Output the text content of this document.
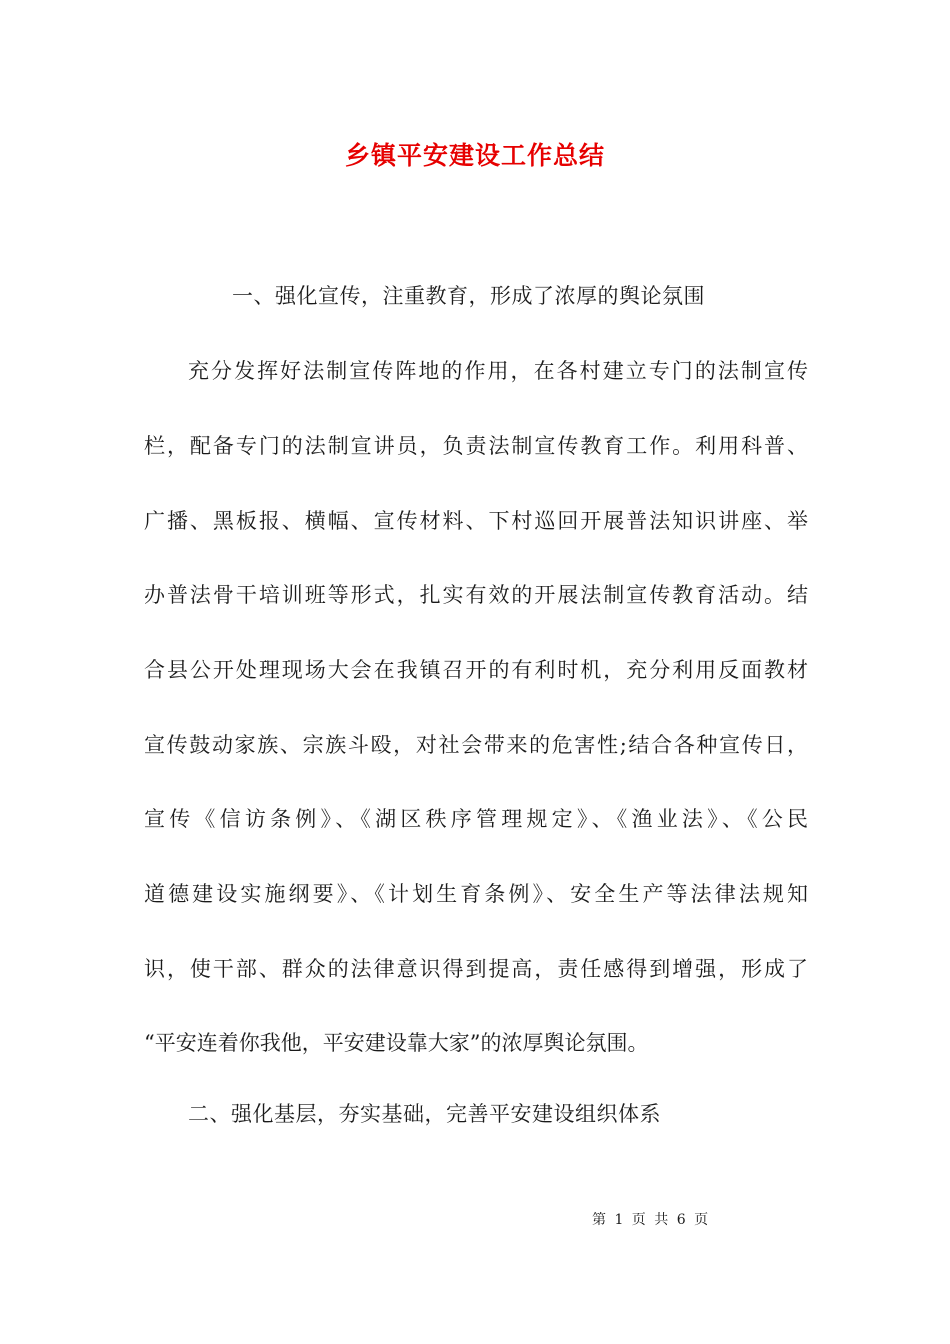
乡镇平安建设工作总结
一、强化宣传，注重教育，形成了浓厚的舆论氛围
充分发挥好法制宣传阵地的作用，在各村建立专门的法制宣传
栏，配备专门的法制宣讲员，负责法制宣传教育工作。利用科普、
广播、黑板报、横幅、宣传材料、下村巡回开展普法知识讲座、举
办普法骨干培训班等形式，扎实有效的开展法制宣传教育活动。结
合县公开处理现场大会在我镇召开的有利时机，充分利用反面教材
宣传鼓动家族、宗族斗殴，对社会带来的危害性;结合各种宣传日，
宣传《信访条例》、《湖区秩序管理规定》、《渔业法》、《公民
道德建设实施纲要》、《计划生育条例》、安全生产等法律法规知
识，使干部、群众的法律意识得到提高，责任感得到增强，形成了
“平安连着你我他，平安建设靠大家”的浓厚舆论氛围。
二、强化基层，夯实基础，完善平安建设组织体系
第 1 页 共 6 页
